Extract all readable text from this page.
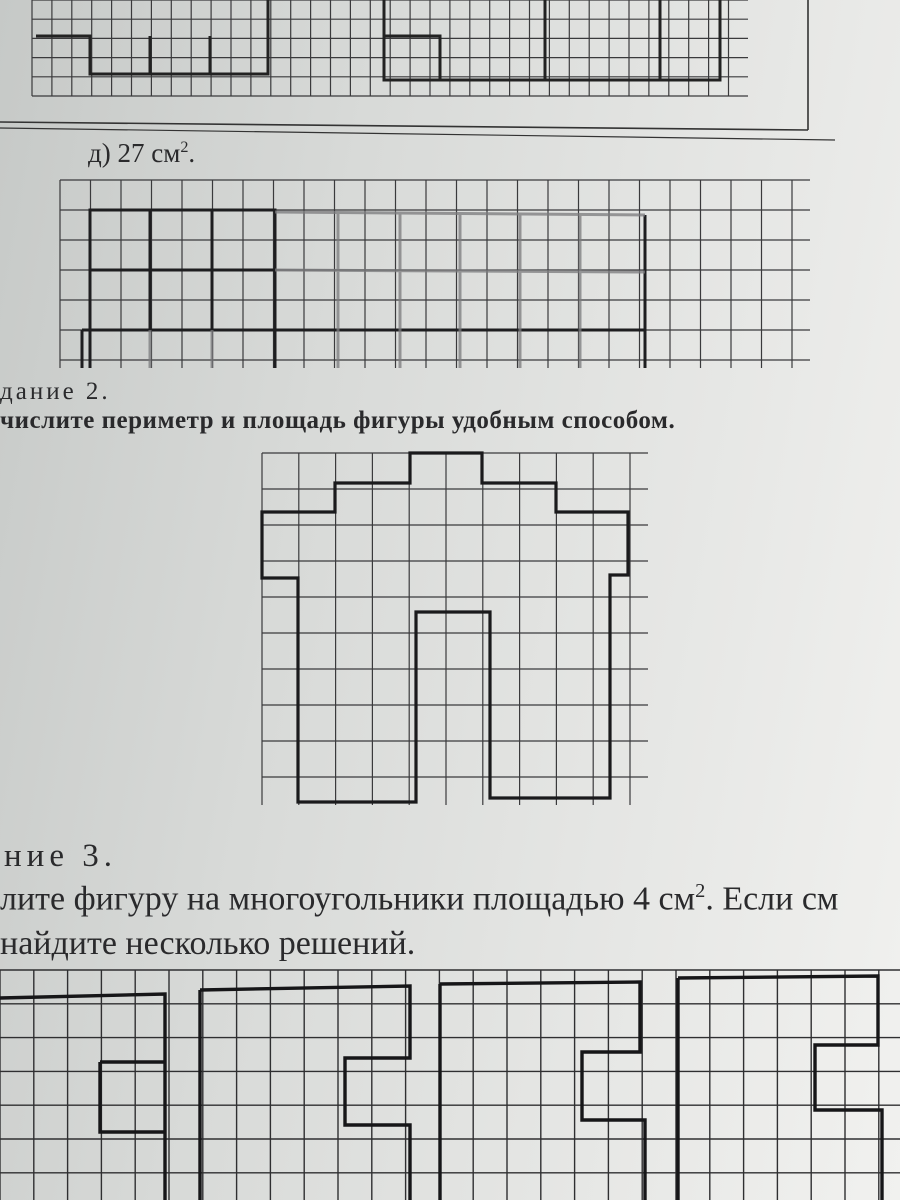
д) 27 $см^2$.

дание 2.

числите периметр и площадь фигуры удобным способом.

ние 3.

лите фигуру на многоугольники площадью 4 $см^2$. Если см

найдите несколько решений.
